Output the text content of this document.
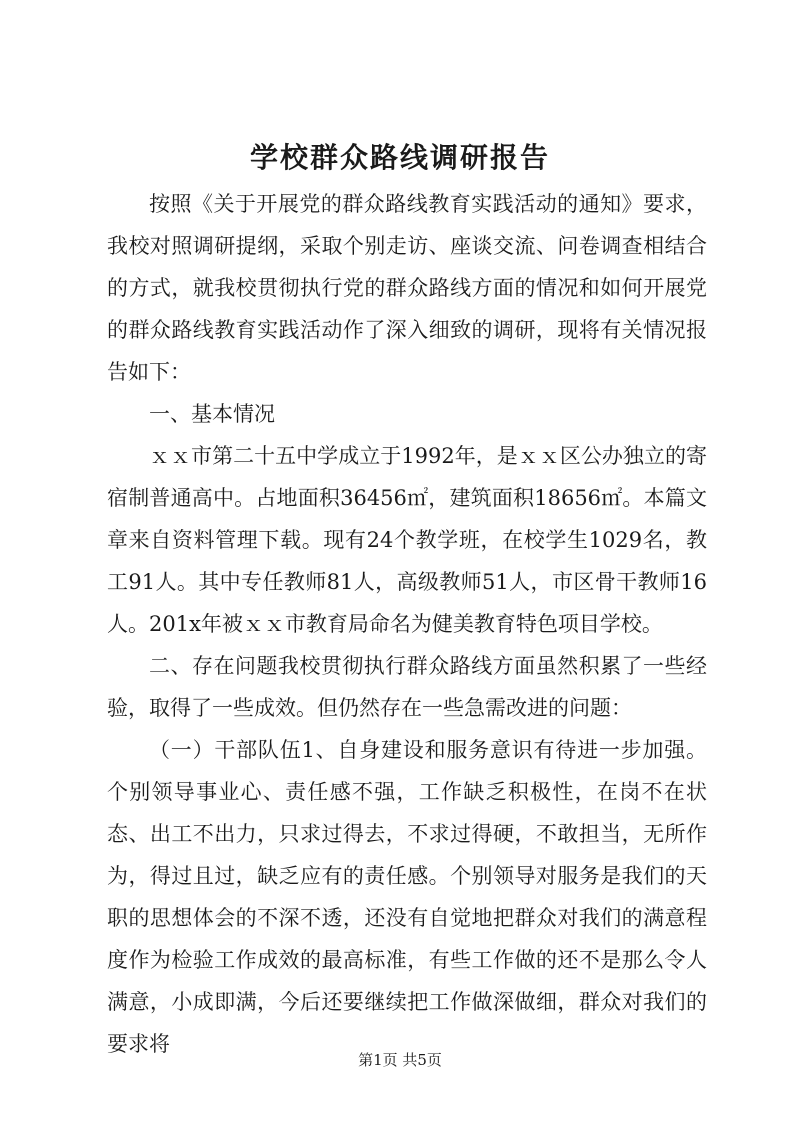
学校群众路线调研报告

按照《关于开展党的群众路线教育实践活动的通知》要求，我校对照调研提纲，采取个别走访、座谈交流、问卷调查相结合的方式，就我校贯彻执行党的群众路线方面的情况和如何开展党的群众路线教育实践活动作了深入细致的调研，现将有关情况报告如下：

一、基本情况

ｘｘ市第二十五中学成立于1992年，是ｘｘ区公办独立的寄宿制普通高中。占地面积36456㎡，建筑面积18656㎡。本篇文章来自资料管理下载。现有24个教学班，在校学生1029名，教工91人。其中专任教师81人，高级教师51人，市区骨干教师16人。201x年被ｘｘ市教育局命名为健美教育特色项目学校。

二、存在问题我校贯彻执行群众路线方面虽然积累了一些经验，取得了一些成效。但仍然存在一些急需改进的问题：

（一）干部队伍1、自身建设和服务意识有待进一步加强。个别领导事业心、责任感不强，工作缺乏积极性，在岗不在状态、出工不出力，只求过得去，不求过得硬，不敢担当，无所作为，得过且过，缺乏应有的责任感。个别领导对服务是我们的天职的思想体会的不深不透，还没有自觉地把群众对我们的满意程度作为检验工作成效的最高标准，有些工作做的还不是那么令人满意，小成即满，今后还要继续把工作做深做细，群众对我们的要求将

第1页 共5页
